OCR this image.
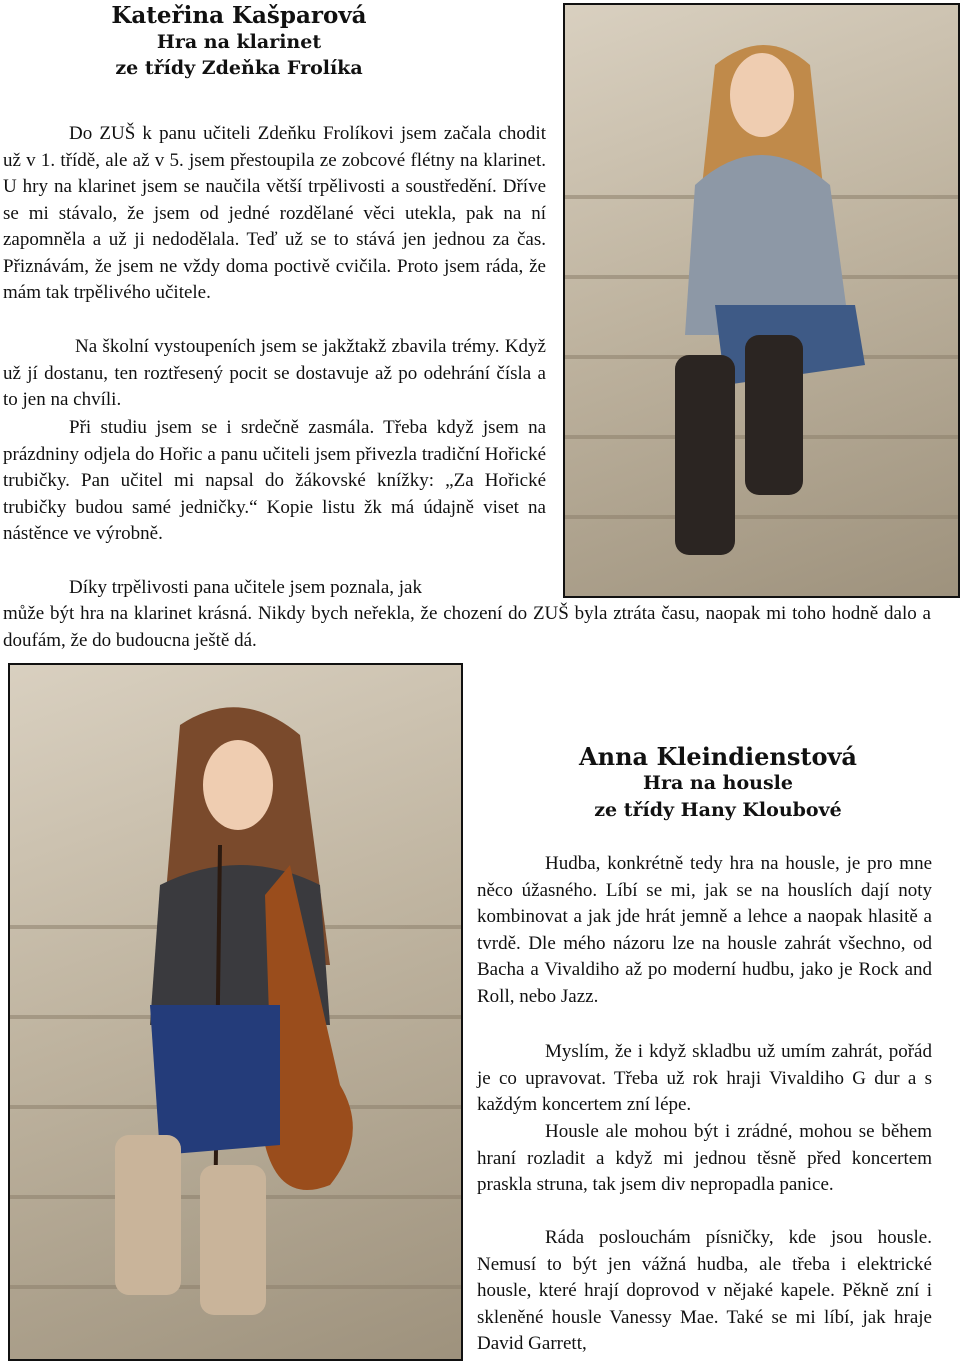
Kateřina Kašparová
Hra na klarinet
ze třídy Zdeňka Frolíka

Do ZUŠ k panu učiteli Zdeňku Frolíkovi jsem začala chodit už v 1. třídě, ale až v 5. jsem přestoupila ze zobcové flétny na klarinet. U hry na klarinet jsem se naučila větší trpělivosti a soustředění. Dříve se mi stávalo, že jsem od jedné rozdělané věci utekla, pak na ní zapomněla a už ji nedodělala. Teď už se to stává jen jednou za čas. Přiznávám, že jsem ne vždy doma poctivě cvičila. Proto jsem ráda, že mám tak trpělivého učitele.

Na školní vystoupeních jsem se jakžtakž zbavila trémy. Když už jí dostanu, ten roztřesený pocit se dostavuje až po odehrání čísla a to jen na chvíli.

Při studiu jsem se i srdečně zasmála. Třeba když jsem na prázdniny odjela do Hořic a panu učiteli jsem přivezla tradiční Hořické trubičky. Pan učitel mi napsal do žákovské knížky: „Za Hořické trubičky budou samé jedničky.“ Kopie listu žk má údajně viset na nástěnce ve výrobně.

Díky trpělivosti pana učitele jsem poznala, jak

může být hra na klarinet krásná. Nikdy bych neřekla, že chození do ZUŠ byla ztráta času, naopak mi toho hodně dalo a doufám, že do budoucna ještě dá.

Anna Kleindienstová
Hra na housle
ze třídy Hany Kloubové

Hudba, konkrétně tedy hra na housle, je pro mne něco úžasného. Líbí se mi, jak se na houslích dají noty kombinovat a jak jde hrát jemně a lehce a naopak hlasitě a tvrdě. Dle mého názoru lze na housle zahrát všechno, od Bacha a Vivaldiho až po moderní hudbu, jako je Rock and Roll, nebo Jazz.

Myslím, že i když skladbu už umím zahrát, pořád je co upravovat. Třeba už rok hraji Vivaldiho G dur a s každým koncertem zní lépe.

Housle ale mohou být i zrádné, mohou se během hraní rozladit a když mi jednou těsně před koncertem praskla struna, tak jsem div nepropadla panice.

Ráda poslouchám písničky, kde jsou housle. Nemusí to být jen vážná hudba, ale třeba i elektrické housle, které hrají doprovod v nějaké kapele. Pěkně zní i skleněné housle Vanessy Mae. Také se mi líbí, jak hraje David Garrett,
